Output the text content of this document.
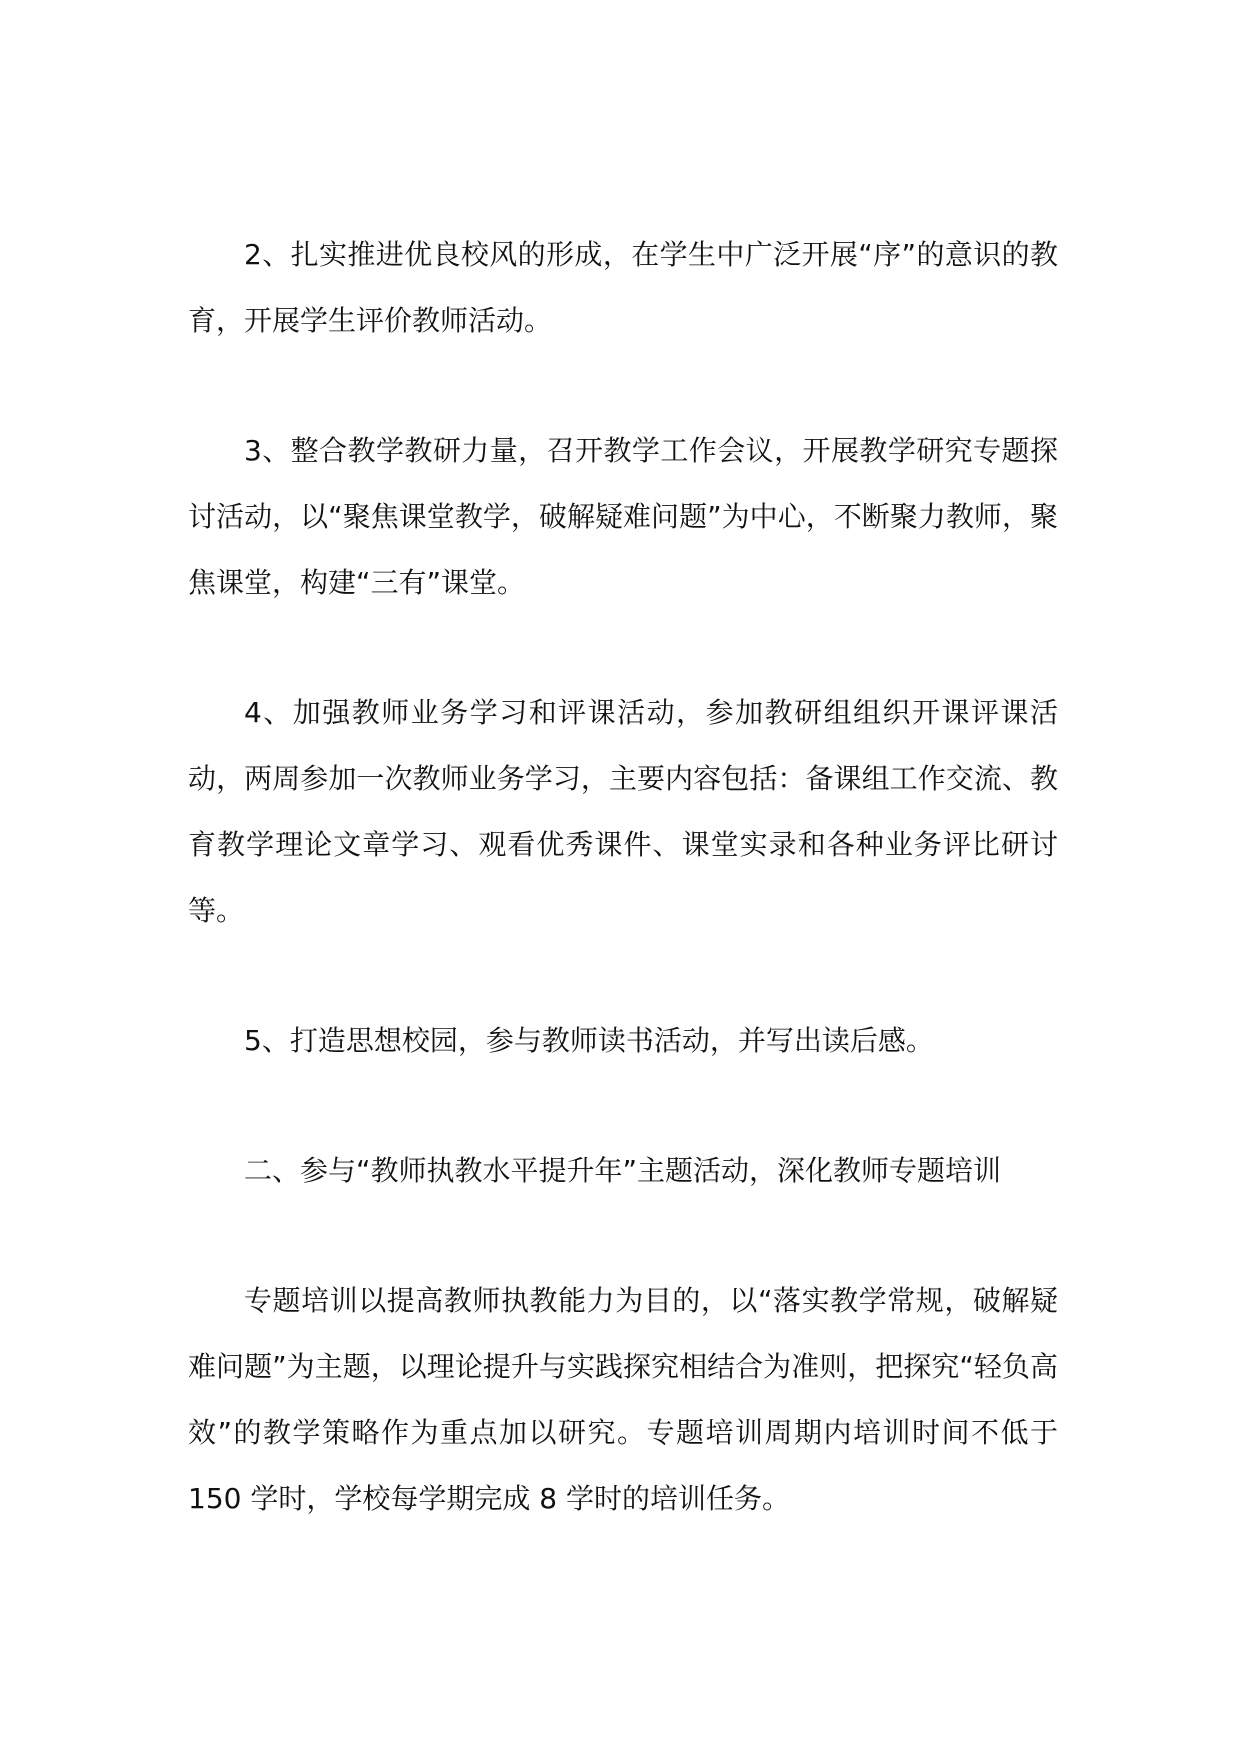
2、扎实推进优良校风的形成，在学生中广泛开展“序”的意识的教育，开展学生评价教师活动。

3、整合教学教研力量，召开教学工作会议，开展教学研究专题探讨活动，以“聚焦课堂教学，破解疑难问题”为中心，不断聚力教师，聚焦课堂，构建“三有”课堂。

4、加强教师业务学习和评课活动，参加教研组组织开课评课活动，两周参加一次教师业务学习，主要内容包括：备课组工作交流、教育教学理论文章学习、观看优秀课件、课堂实录和各种业务评比研讨等。

5、打造思想校园，参与教师读书活动，并写出读后感。

二、参与“教师执教水平提升年”主题活动，深化教师专题培训

专题培训以提高教师执教能力为目的，以“落实教学常规，破解疑难问题”为主题，以理论提升与实践探究相结合为准则，把探究“轻负高效”的教学策略作为重点加以研究。专题培训周期内培训时间不低于 150 学时，学校每学期完成 8 学时的培训任务。
